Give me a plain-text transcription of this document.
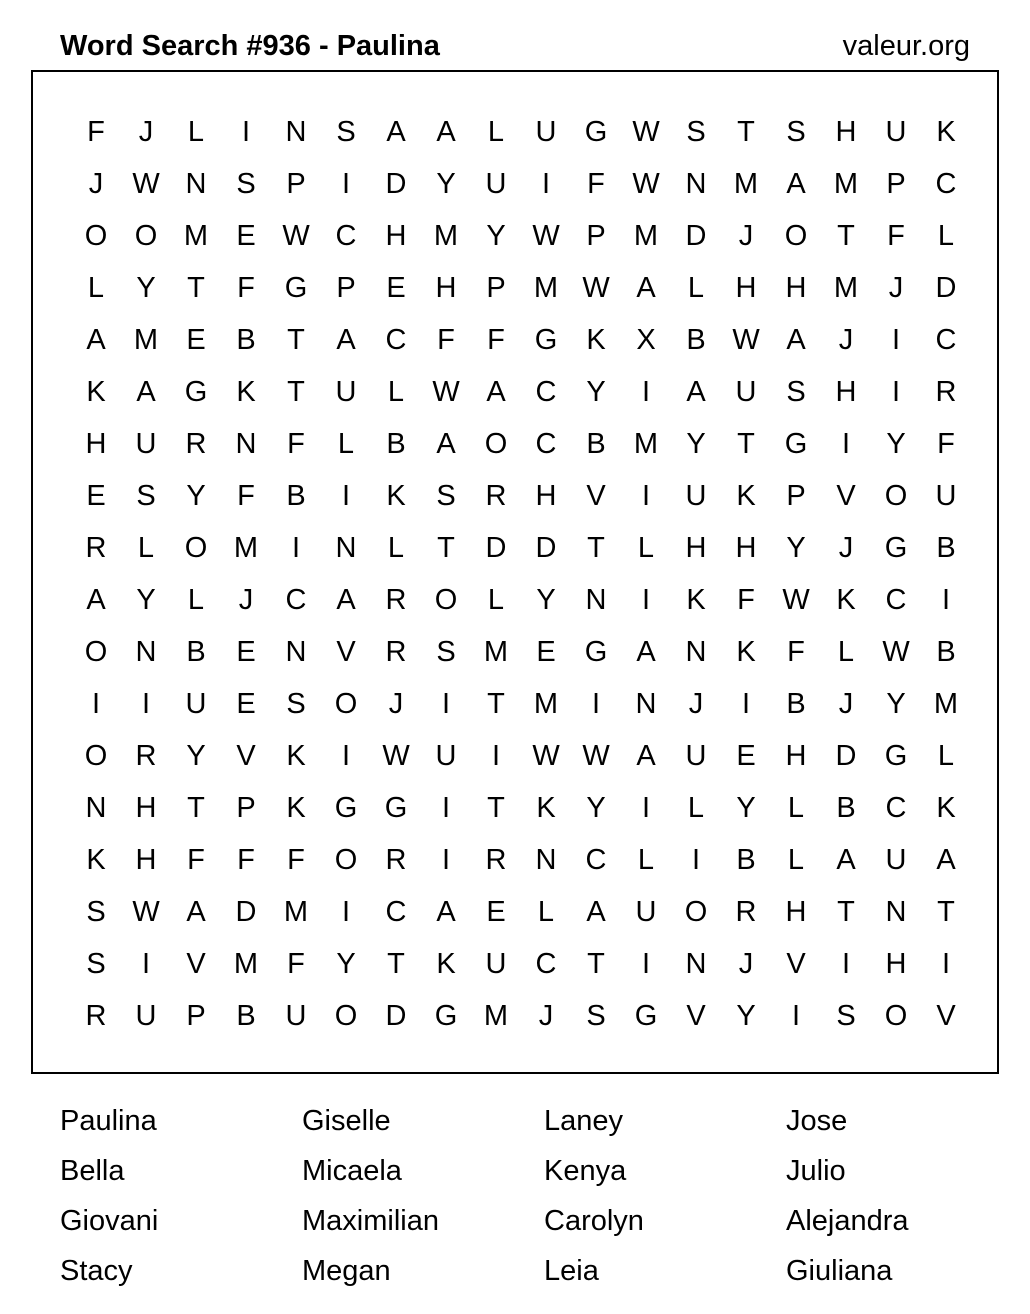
Word Search #936 - Paulina	valeur.org
F	J	L	I	N	S	A	A	L	U G W S	T	S	H	U	K
J	W N	S	P	I	D	Y	U	I	F W N M A M P	C
O O M E W C	H M Y W P M D	J	O	T	F	L
L	Y	T	F	G	P	E	H	P M W A	L	H	H M	J	D
A M E	B	T	A	C	F	F	G	K	X	B W A	J	I	C
K	A	G	K	T	U	L W A	C	Y	I	A	U	S	H	I	R
H	U	R	N	F	L	B	A	O C	B M Y	T	G	I	Y	F
E	S	Y	F	B	I	K	S	R	H	V	I	U	K	P	V	O U
R	L	O M	I	N	L	T	D	D	T	L	H	H	Y	J	G	B
A	Y	L	J	C	A	R O	L	Y	N	I	K	F W K	C	I
O N	B	E	N	V	R	S M E	G	A	N	K	F	L W B
I	I	U	E	S	O	J	I	T	M	I	N	J	I	B	J	Y M
O R	Y	V	K	I	W U	I	W W A	U	E	H	D G	L
N	H	T	P	K	G G	I	T	K	Y	I	L	Y	L	B	C	K
K	H	F	F	F	O R	I	R	N	C	L	I	B	L	A	U	A
S W A	D M	I	C	A	E	L	A	U O R	H	T	N	T
S	I	V M	F	Y	T	K	U	C	T	I	N	J	V	I	H	I
R	U	P	B	U O D G M	J	S	G	V	Y	I	S	O	V
Paulina	Giselle	Laney	Jose
Bella	Micaela	Kenya	Julio
Giovani	Maximilian	Carolyn	Alejandra
Stacy	Megan	Leia	Giuliana
